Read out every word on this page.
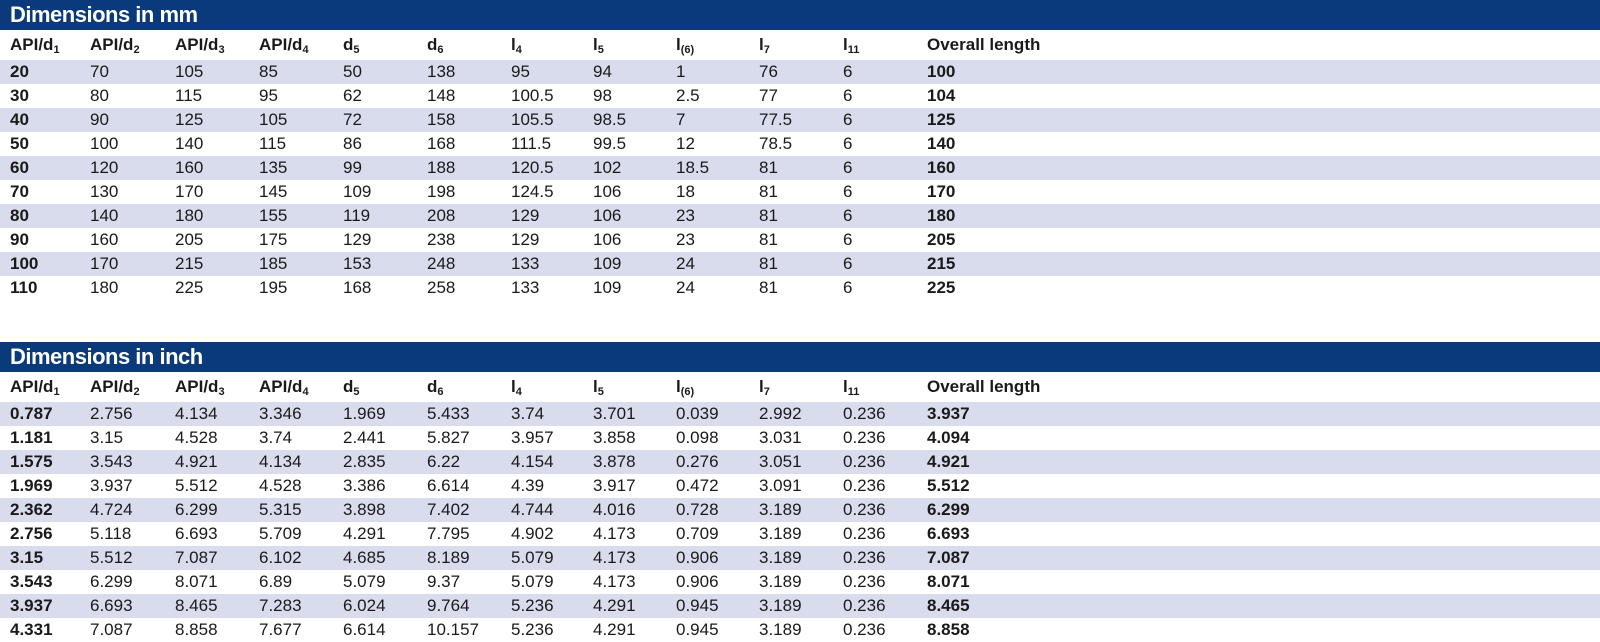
Dimensions in mm
API/$d_1$	API/$d_2$	API/$d_3$	API/$d_4$	$d_5$	$d_6$	$l_4$	$l_5$	$l_{(6)}$	$l_7$	$l_{11}$	Overall length
20	70	105	85	50	138	95	94	1	76	6	100
30	80	115	95	62	148	100.5	98	2.5	77	6	104
40	90	125	105	72	158	105.5	98.5	7	77.5	6	125
50	100	140	115	86	168	111.5	99.5	12	78.5	6	140
60	120	160	135	99	188	120.5	102	18.5	81	6	160
70	130	170	145	109	198	124.5	106	18	81	6	170
80	140	180	155	119	208	129	106	23	81	6	180
90	160	205	175	129	238	129	106	23	81	6	205
100	170	215	185	153	248	133	109	24	81	6	215
110	180	225	195	168	258	133	109	24	81	6	225
Dimensions in inch
API/$d_1$	API/$d_2$	API/$d_3$	API/$d_4$	$d_5$	$d_6$	$l_4$	$l_5$	$l_{(6)}$	$l_7$	$l_{11}$	Overall length
0.787	2.756	4.134	3.346	1.969	5.433	3.74	3.701	0.039	2.992	0.236	3.937
1.181	3.15	4.528	3.74	2.441	5.827	3.957	3.858	0.098	3.031	0.236	4.094
1.575	3.543	4.921	4.134	2.835	6.22	4.154	3.878	0.276	3.051	0.236	4.921
1.969	3.937	5.512	4.528	3.386	6.614	4.39	3.917	0.472	3.091	0.236	5.512
2.362	4.724	6.299	5.315	3.898	7.402	4.744	4.016	0.728	3.189	0.236	6.299
2.756	5.118	6.693	5.709	4.291	7.795	4.902	4.173	0.709	3.189	0.236	6.693
3.15	5.512	7.087	6.102	4.685	8.189	5.079	4.173	0.906	3.189	0.236	7.087
3.543	6.299	8.071	6.89	5.079	9.37	5.079	4.173	0.906	3.189	0.236	8.071
3.937	6.693	8.465	7.283	6.024	9.764	5.236	4.291	0.945	3.189	0.236	8.465
4.331	7.087	8.858	7.677	6.614	10.157	5.236	4.291	0.945	3.189	0.236	8.858
